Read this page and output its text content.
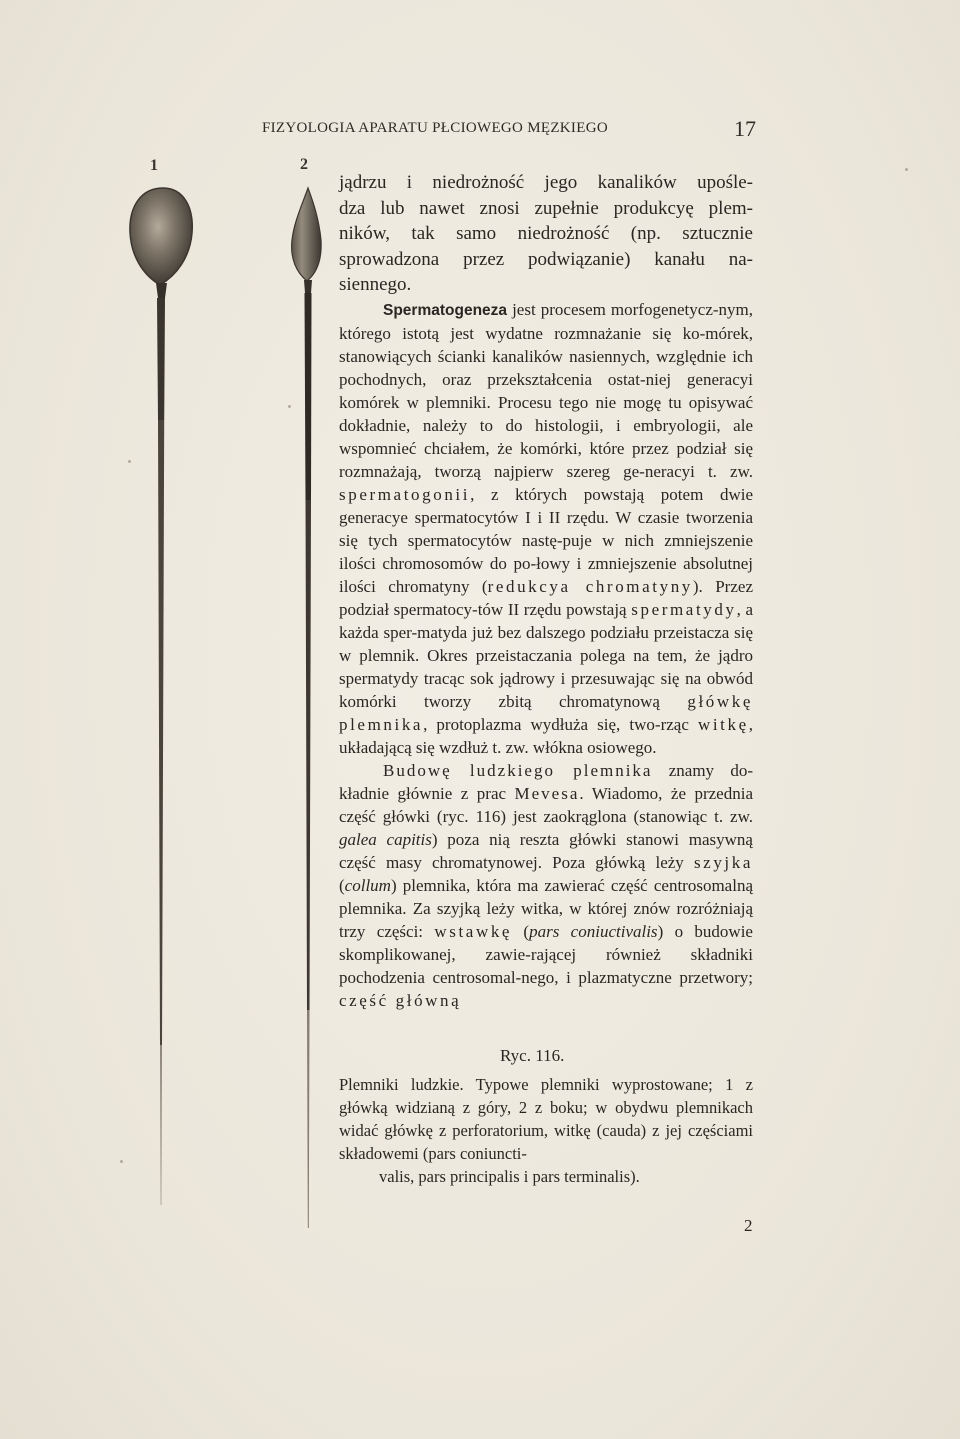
FIZYOLOGIA APARATU PŁCIOWEGO MĘZKIEGO	17
1	2

jądrzu i niedrożność jego kanalików upośle-
dza lub nawet znosi zupełnie produkcyę plem-
ników, tak samo niedrożność (np. sztucznie
sprowadzona przez podwiązanie) kanału na-
siennego.

Spermatogeneza jest procesem morfogenetycz-nym, którego istotą jest wydatne rozmnażanie się ko-mórek, stanowiących ścianki kanalików nasiennych, względnie ich pochodnych, oraz przekształcenia ostat-niej generacyi komórek w plemniki. Procesu tego nie mogę tu opisywać dokładnie, należy to do histologii, i embryologii, ale wspomnieć chciałem, że komórki, które przez podział się rozmnażają, tworzą najpierw szereg ge-neracyi t. zw. spermatogonii, z których powstają potem dwie generacye spermatocytów I i II rzędu. W czasie tworzenia się tych spermatocytów nastę-puje w nich zmniejszenie ilości chromosomów do po-łowy i zmniejszenie absolutnej ilości chromatyny (redukcya chromatyny). Przez podział spermatocy-tów II rzędu powstają spermatydy, a każda sper-matyda już bez dalszego podziału przeistacza się w plemnik. Okres przeistaczania polega na tem, że jądro spermatydy tracąc sok jądrowy i przesuwając się na obwód komórki tworzy zbitą chromatynową główkę plemnika, protoplazma wydłuża się, two-rząc witkę, układającą się wzdłuż t. zw. włókna osiowego.

Budowę ludzkiego plemnika znamy do-kładnie głównie z prac Mevesa. Wiadomo, że przednia część główki (ryc. 116) jest zaokrąglona (stanowiąc t. zw. galea capitis) poza nią reszta główki stanowi masywną część masy chromatynowej. Poza główką leży szyjka (collum) plemnika, która ma zawierać część centrosomalną plemnika. Za szyjką leży witka, w której znów rozróżniają trzy części: wstawkę (pars coniuctivalis) o budowie skomplikowanej, zawie-rającej również składniki pochodzenia centrosomal-nego, i plazmatyczne przetwory; część główną

Ryc. 116.

Plemniki ludzkie. Typowe plemniki wyprostowane; 1 z główką widzianą z góry, 2 z boku; w obydwu plemnikach widać główkę z perforatorium, witkę (cauda) z jej częściami składowemi (pars coniuncti-
valis, pars principalis i pars terminalis).

2
